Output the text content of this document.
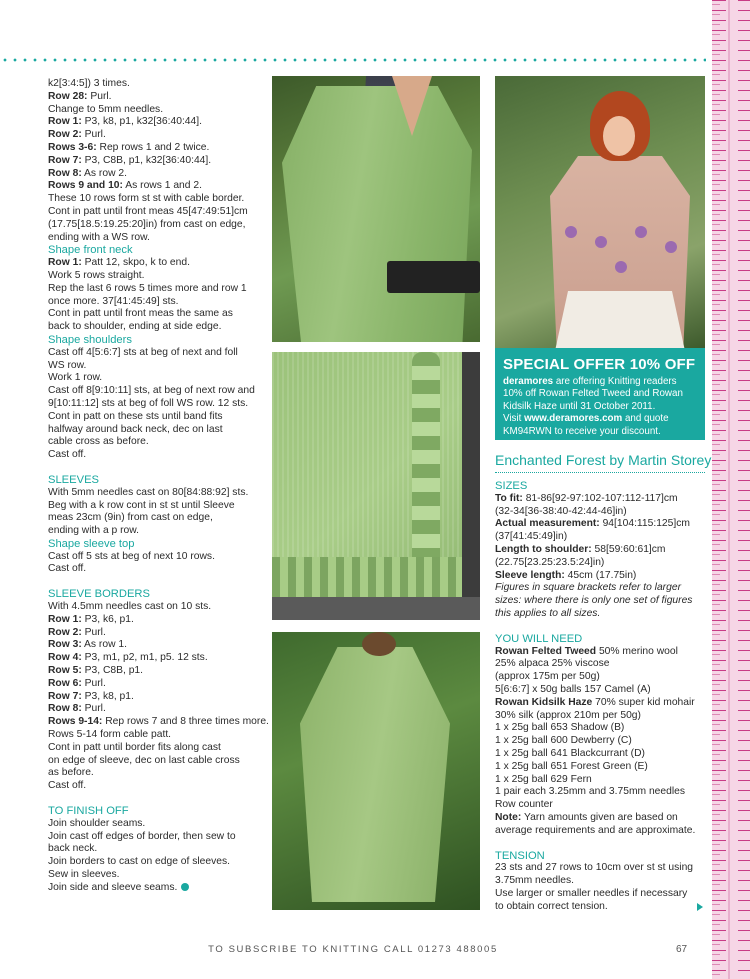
k2[3:4:5]) 3 times.

Row 28: Purl.

Change to 5mm needles.

Row 1: P3, k8, p1, k32[36:40:44].

Row 2: Purl.

Rows 3-6: Rep rows 1 and 2 twice.

Row 7: P3, C8B, p1, k32[36:40:44].

Row 8: As row 2.

Rows 9 and 10: As rows 1 and 2.

These 10 rows form st st with cable border.

Cont in patt until front meas 45[47:49:51]cm

(17.75[18.5:19.25:20]in) from cast on edge,

ending with a WS row.

Shape front neck

Row 1: Patt 12, skpo, k to end.

Work 5 rows straight.

Rep the last 6 rows 5 times more and row 1

once more. 37[41:45:49] sts.

Cont in patt until front meas the same as

back to shoulder, ending at side edge.

Shape shoulders

Cast off 4[5:6:7] sts at beg of next and foll

WS row.

Work 1 row.

Cast off 8[9:10:11] sts, at beg of next row and

9[10:11:12] sts at beg of foll WS row. 12 sts.

Cont in patt on these sts until band fits

halfway around back neck, dec on last

cable cross as before.

Cast off.

SLEEVES

With 5mm needles cast on 80[84:88:92] sts.

Beg with a k row cont in st st until Sleeve

meas 23cm (9in) from cast on edge,

ending with a p row.

Shape sleeve top

Cast off 5 sts at beg of next 10 rows.

Cast off.

SLEEVE BORDERS

With 4.5mm needles cast on 10 sts.

Row 1: P3, k6, p1.

Row 2: Purl.

Row 3: As row 1.

Row 4: P3, m1, p2, m1, p5. 12 sts.

Row 5: P3, C8B, p1.

Row 6: Purl.

Row 7: P3, k8, p1.

Row 8: Purl.

Rows 9-14: Rep rows 7 and 8 three times more.

Rows 5-14 form cable patt.

Cont in patt until border fits along cast

on edge of sleeve, dec on last cable cross

as before.

Cast off.

TO FINISH OFF

Join shoulder seams.

Join cast off edges of border, then sew to

back neck.

Join borders to cast on edge of sleeves.

Sew in sleeves.

Join side and sleeve seams.

SPECIAL OFFER 10% OFF

deramores are offering Knitting readers

10% off Rowan Felted Tweed and Rowan

Kidsilk Haze until 31 October 2011.

Visit www.deramores.com and quote

KM94RWN to receive your discount.

Enchanted Forest by Martin Storey

SIZES

To fit: 81-86[92-97:102-107:112-117]cm

(32-34[36-38:40-42:44-46]in)

Actual measurement: 94[104:115:125]cm

(37[41:45:49]in)

Length to shoulder: 58[59:60:61]cm

(22.75[23.25:23.5:24]in)

Sleeve length: 45cm (17.75in)

Figures in square brackets refer to larger

sizes: where there is only one set of figures

this applies to all sizes.

YOU WILL NEED

Rowan Felted Tweed 50% merino wool

25% alpaca 25% viscose

(approx 175m per 50g)

5[6:6:7] x 50g balls 157 Camel (A)

Rowan Kidsilk Haze 70% super kid mohair

30% silk (approx 210m per 50g)

1 x 25g ball 653 Shadow (B)

1 x 25g ball 600 Dewberry (C)

1 x 25g ball 641 Blackcurrant (D)

1 x 25g ball 651 Forest Green (E)

1 x 25g ball 629 Fern

1 pair each 3.25mm and 3.75mm needles

Row counter

Note: Yarn amounts given are based on

average requirements and are approximate.

TENSION

23 sts and 27 rows to 10cm over st st using

3.75mm needles.

Use larger or smaller needles if necessary

to obtain correct tension.

TO SUBSCRIBE TO KNITTING CALL 01273 488005	67
